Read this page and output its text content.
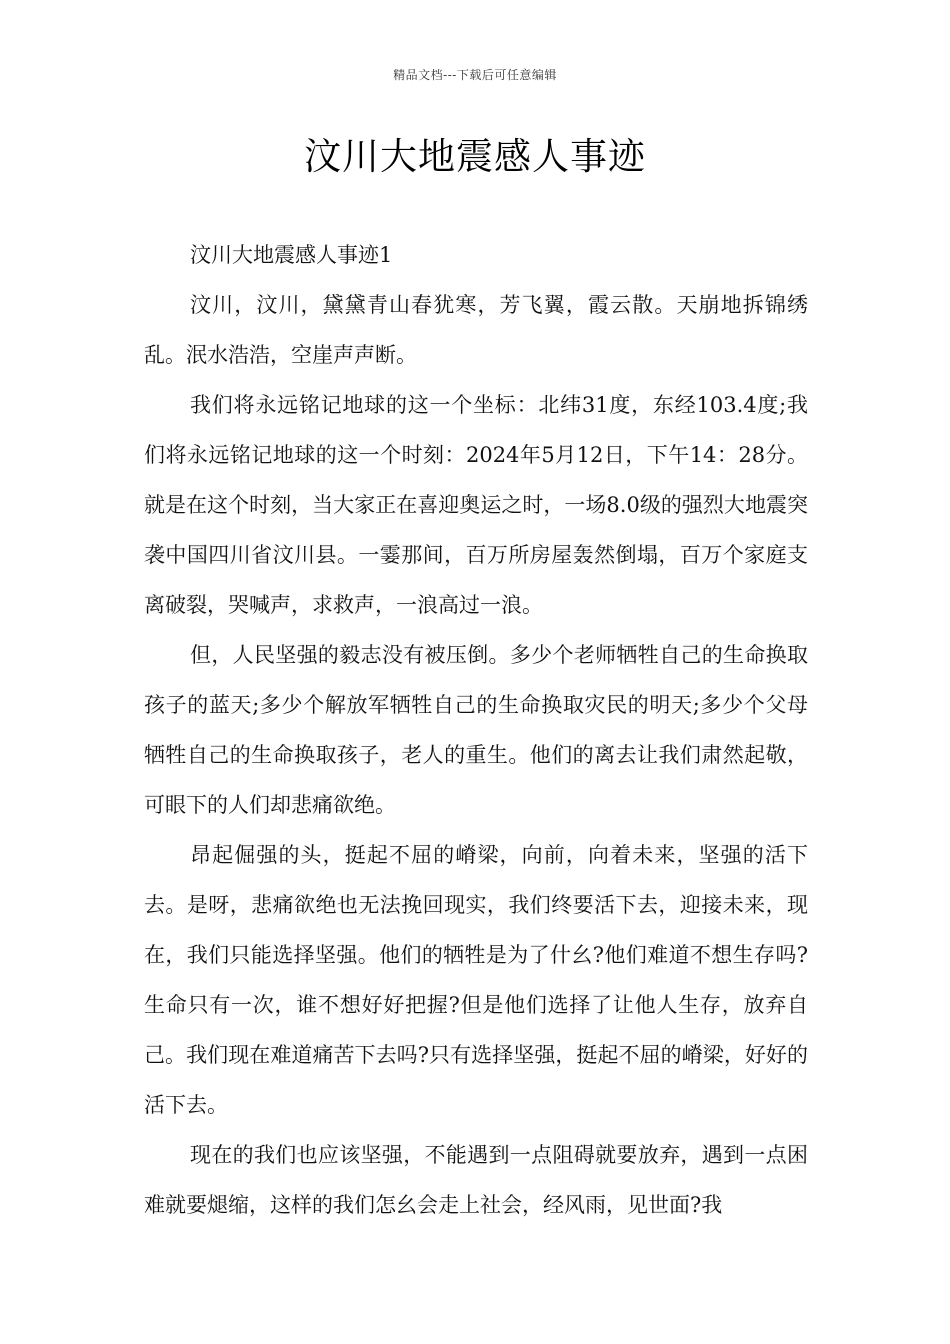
精品文档---下载后可任意编辑
汶川大地震感人事迹

汶川大地震感人事迹1

汶川，汶川，黛黛青山春犹寒，芳飞翼，霞云散。天崩地拆锦绣乱。泯水浩浩，空崖声声断。

我们将永远铭记地球的这一个坐标：北纬31度，东经103.4度;我们将永远铭记地球的这一个时刻：2024年5月12日，下午14：28分。就是在这个时刻，当大家正在喜迎奥运之时，一场8.0级的强烈大地震突袭中国四川省汶川县。一霎那间，百万所房屋轰然倒塌，百万个家庭支离破裂，哭喊声，求救声，一浪高过一浪。

但，人民坚强的毅志没有被压倒。多少个老师牺牲自己的生命换取孩子的蓝天;多少个解放军牺牲自己的生命换取灾民的明天;多少个父母牺牲自己的生命换取孩子，老人的重生。他们的离去让我们肃然起敬，可眼下的人们却悲痛欲绝。

昂起倔强的头，挺起不屈的嵴梁，向前，向着未来，坚强的活下去。是呀，悲痛欲绝也无法挽回现实，我们终要活下去，迎接未来，现在，我们只能选择坚强。他们的牺牲是为了什幺?他们难道不想生存吗?生命只有一次，谁不想好好把握?但是他们选择了让他人生存，放弃自己。我们现在难道痛苦下去吗?只有选择坚强，挺起不屈的嵴梁，好好的活下去。

现在的我们也应该坚强，不能遇到一点阻碍就要放弃，遇到一点困难就要煺缩，这样的我们怎幺会走上社会，经风雨，见世面?我
